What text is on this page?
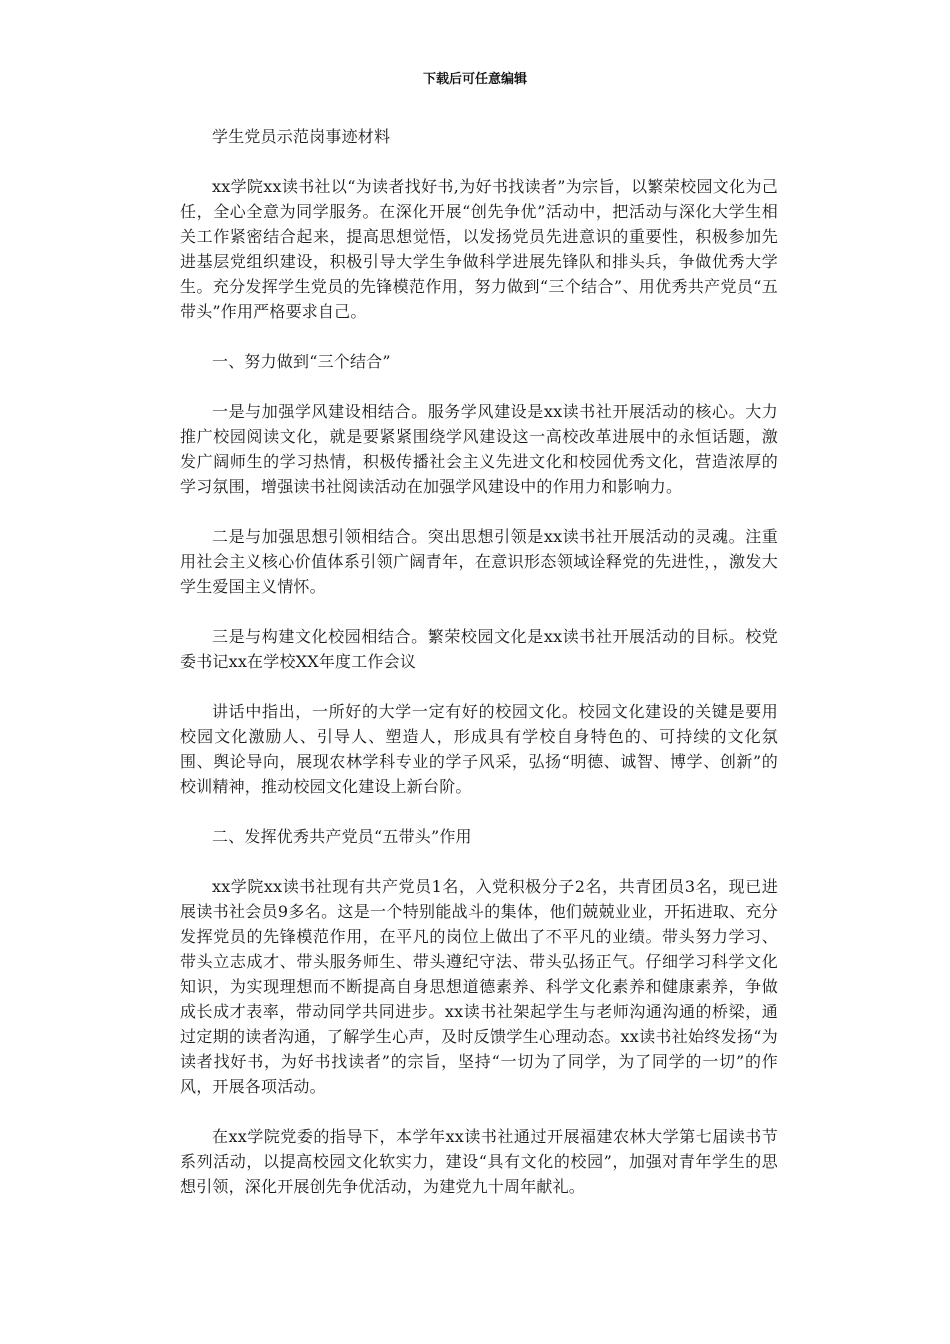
下载后可任意编辑

学生党员示范岗事迹材料

xx学院xx读书社以“为读者找好书,为好书找读者”为宗旨，以繁荣校园文化为己任，全心全意为同学服务。在深化开展“创先争优”活动中，把活动与深化大学生相关工作紧密结合起来，提高思想觉悟，以发扬党员先进意识的重要性，积极参加先进基层党组织建设，积极引导大学生争做科学进展先锋队和排头兵，争做优秀大学生。充分发挥学生党员的先锋模范作用，努力做到“三个结合”、用优秀共产党员“五带头”作用严格要求自己。

一、努力做到“三个结合”

一是与加强学风建设相结合。服务学风建设是xx读书社开展活动的核心。大力推广校园阅读文化，就是要紧紧围绕学风建设这一高校改革进展中的永恒话题，激发广阔师生的学习热情，积极传播社会主义先进文化和校园优秀文化，营造浓厚的学习氛围，增强读书社阅读活动在加强学风建设中的作用力和影响力。

二是与加强思想引领相结合。突出思想引领是xx读书社开展活动的灵魂。注重用社会主义核心价值体系引领广阔青年，在意识形态领域诠释党的先进性，，激发大学生爱国主义情怀。

三是与构建文化校园相结合。繁荣校园文化是xx读书社开展活动的目标。校党委书记xx在学校XX年度工作会议

讲话中指出，一所好的大学一定有好的校园文化。校园文化建设的关键是要用校园文化激励人、引导人、塑造人，形成具有学校自身特色的、可持续的文化氛围、舆论导向，展现农林学科专业的学子风采，弘扬“明德、诚智、博学、创新”的校训精神，推动校园文化建设上新台阶。

二、发挥优秀共产党员“五带头”作用

xx学院xx读书社现有共产党员1名，入党积极分子2名，共青团员3名，现已进展读书社会员9多名。这是一个特别能战斗的集体，他们兢兢业业，开拓进取、充分发挥党员的先锋模范作用，在平凡的岗位上做出了不平凡的业绩。带头努力学习、带头立志成才、带头服务师生、带头遵纪守法、带头弘扬正气。仔细学习科学文化知识，为实现理想而不断提高自身思想道德素养、科学文化素养和健康素养，争做成长成才表率，带动同学共同进步。xx读书社架起学生与老师沟通沟通的桥梁，通过定期的读者沟通，了解学生心声，及时反馈学生心理动态。xx读书社始终发扬“为读者找好书，为好书找读者”的宗旨，坚持“一切为了同学，为了同学的一切”的作风，开展各项活动。

在xx学院党委的指导下，本学年xx读书社通过开展福建农林大学第七届读书节系列活动，以提高校园文化软实力，建设“具有文化的校园”，加强对青年学生的思想引领，深化开展创先争优活动，为建党九十周年献礼。
